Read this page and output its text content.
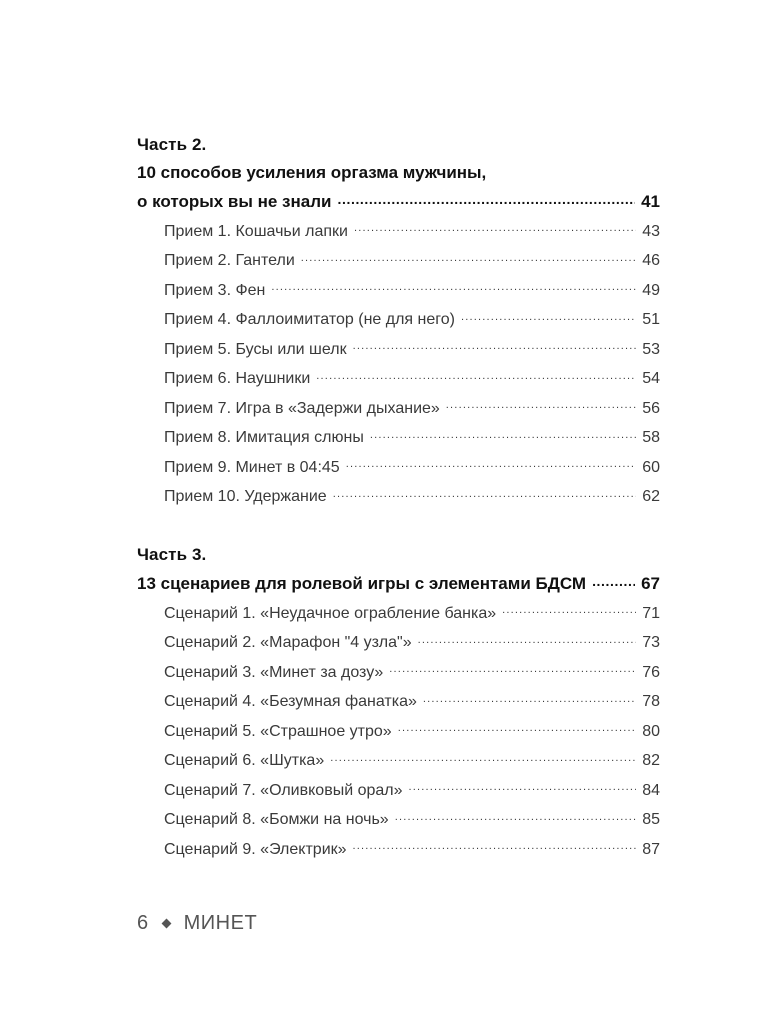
Часть 2.
10 способов усиления оргазма мужчины,
о которых вы не знали .....	41
Прием 1. Кошачьи лапки .....	43
Прием 2. Гантели .....	46
Прием 3. Фен .....	49
Прием 4. Фаллоимитатор (не для него) .....	51
Прием 5. Бусы или шелк .....	53
Прием 6. Наушники .....	54
Прием 7. Игра в «Задержи дыхание» .....	56
Прием 8. Имитация слюны .....	58
Прием 9. Минет в 04:45 .....	60
Прием 10. Удержание .....	62
Часть 3.
13 сценариев для ролевой игры с элементами БДСМ .....	67
Сценарий 1. «Неудачное ограбление банка» .....	71
Сценарий 2. «Марафон "4 узла"» .....	73
Сценарий 3. «Минет за дозу» .....	76
Сценарий 4. «Безумная фанатка» .....	78
Сценарий 5. «Страшное утро» .....	80
Сценарий 6. «Шутка» .....	82
Сценарий 7. «Оливковый орал» .....	84
Сценарий 8. «Бомжи на ночь» .....	85
Сценарий 9. «Электрик» .....	87
6 МИНЕТ
